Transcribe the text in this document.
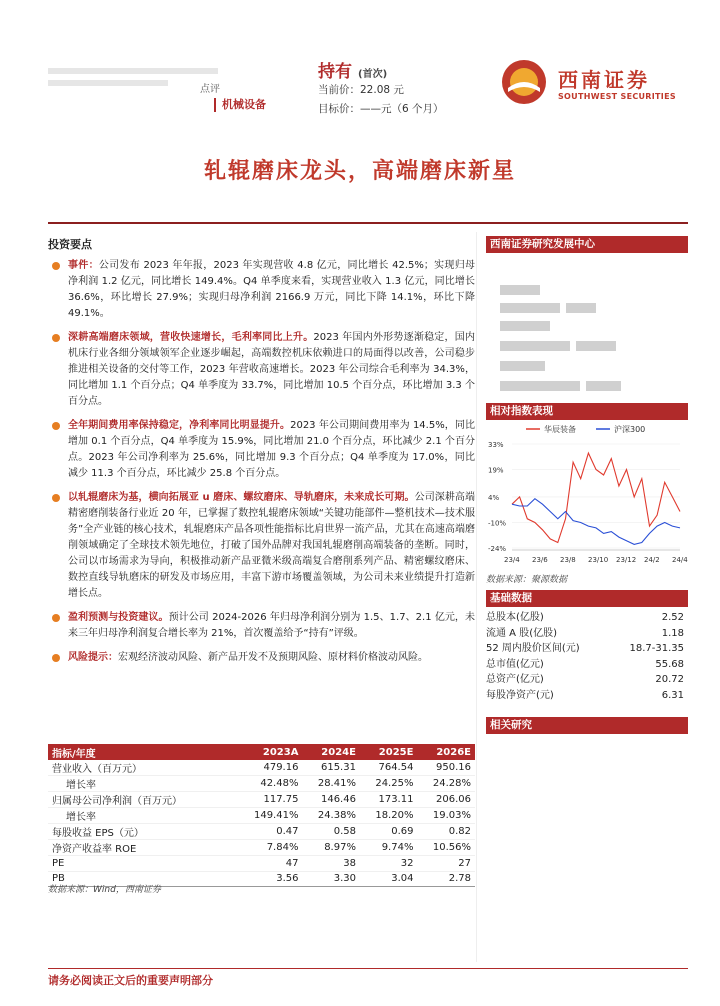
点评
机械设备
持有 (首次)
当前价：22.08 元
目标价：——元（6 个月）
西南证券
SOUTHWEST SECURITIES
轧辊磨床龙头，高端磨床新星
投资要点
事件：公司发布 2023 年年报，2023 年实现营收 4.8 亿元，同比增长 42.5%；实现归母净利润 1.2 亿元，同比增长 149.4%。Q4 单季度来看，实现营业收入 1.3 亿元，同比增长 36.6%，环比增长 27.9%；实现归母净利润 2166.9 万元，同比下降 14.1%，环比下降 49.1%。
深耕高端磨床领域，营收快速增长，毛利率同比上升。2023 年国内外形势逐渐稳定，国内机床行业各细分领域领军企业逐步崛起，高端数控机床依赖进口的局面得以改善，公司稳步推进相关设备的交付等工作，2023 年营收高速增长。2023 年公司综合毛利率为 34.3%，同比增加 1.1 个百分点；Q4 单季度为 33.7%，同比增加 10.5 个百分点，环比增加 3.3 个百分点。
全年期间费用率保持稳定，净利率同比明显提升。2023 年公司期间费用率为 14.5%，同比增加 0.1 个百分点，Q4 单季度为 15.9%，同比增加 21.0 个百分点，环比减少 2.1 个百分点。2023 年公司净利率为 25.6%，同比增加 9.3 个百分点；Q4 单季度为 17.0%，同比减少 11.3 个百分点，环比减少 25.8 个百分点。
以轧辊磨床为基，横向拓展亚 u 磨床、螺纹磨床、导轨磨床，未来成长可期。公司深耕高端精密磨削装备行业近 20 年，已掌握了数控轧辊磨床领域“关键功能部件—整机技术—技术服务”全产业链的核心技术，轧辊磨床产品各项性能指标比肩世界一流产品，尤其在高速高端磨削领域确定了全球技术领先地位，打破了国外品牌对我国轧辊磨削高端装备的垄断。同时，公司以市场需求为导向，积极推动新产品亚微米级高端复合磨削系列产品、精密螺纹磨床、数控直线导轨磨床的研发及市场应用，丰富下游市场覆盖领域，为公司未来业绩提升打造新增长点。
盈利预测与投资建议。预计公司 2024-2026 年归母净利润分别为 1.5、1.7、2.1 亿元，未来三年归母净利润复合增长率为 21%，首次覆盖给予“持有”评级。
风险提示：宏观经济波动风险、新产品开发不及预期风险、原材料价格波动风险。
指标/年度	2023A	2024E	2025E	2026E
营业收入（百万元）	479.16	615.31	764.54	950.16
增长率	42.48%	28.41%	24.25%	24.28%
归属母公司净利润（百万元）	117.75	146.46	173.11	206.06
增长率	149.41%	24.38%	18.20%	19.03%
每股收益 EPS（元）	0.47	0.58	0.69	0.82
净资产收益率 ROE	7.84%	8.97%	9.74%	10.56%
PE	47	38	32	27
PB	3.56	3.30	3.04	2.78
数据来源：Wind，西南证券
西南证券研究发展中心
相对指数表现
华辰装备	沪深300
33%
19%
4%
-10%
-24%
23/4 23/6 23/8 23/10 23/12 24/2 24/4
数据来源：聚源数据
基础数据
总股本(亿股)	2.52
流通 A 股(亿股)	1.18
52 周内股价区间(元)	18.7-31.35
总市值(亿元)	55.68
总资产(亿元)	20.72
每股净资产(元)	6.31
相关研究
请务必阅读正文后的重要声明部分
